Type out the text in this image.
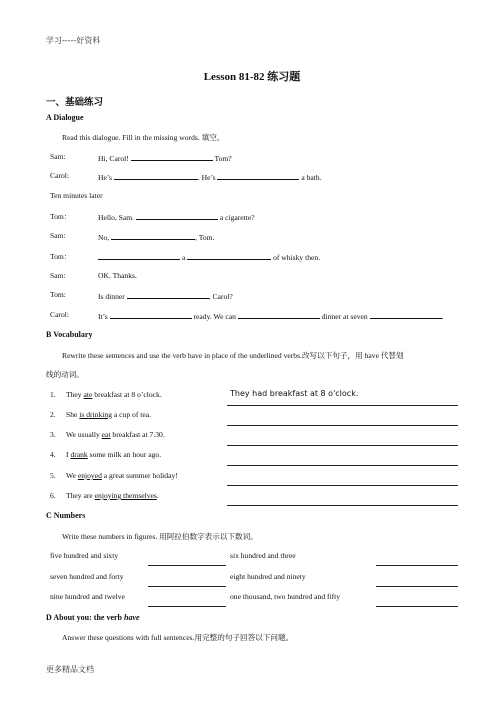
学习-----好资料
Lesson 81-82 练习题
一、基础练习
A Dialogue
Read this dialogue. Fill in the missing words. 填空。
Sam:	Hi, Carol!	Tom?
Carol:	He’s	. He’s	a bath.
Ten minutes later
Tom：	Hello, Sam.	a cigarette?
Sam:	No,	, Tom.
Tom：	a	of whisky then.
Sam:	OK. Thanks.
Tom:	Is dinner	, Carol?
Carol:	It’s	ready. We can	dinner at seven	.
B Vocabulary
Rewrite these sentences and use the verb have in place of the underlined verbs.改写以下句子，用 have 代替划
线的动词。
1. They ate breakfast at 8 o’clock.	They had breakfast at 8 o'clock.
2. She is drinking a cup of tea.
3. We usually eat breakfast at 7.30.
4. I drank some milk an hour ago.
5. We enjoyed a great summer holiday!
6. They are enjoying themselves.
C Numbers
Write these numbers in figures. 用阿拉伯数字表示以下数词。
five hundred and sixty	six hundred and three
seven hundred and forty	eight hundred and ninety
nine hundred and twelve	one thousand, two hundred and fifty
D About you: the verb have
Answer these questions with full sentences.用完整的句子回答以下问题。
更多精品文档
